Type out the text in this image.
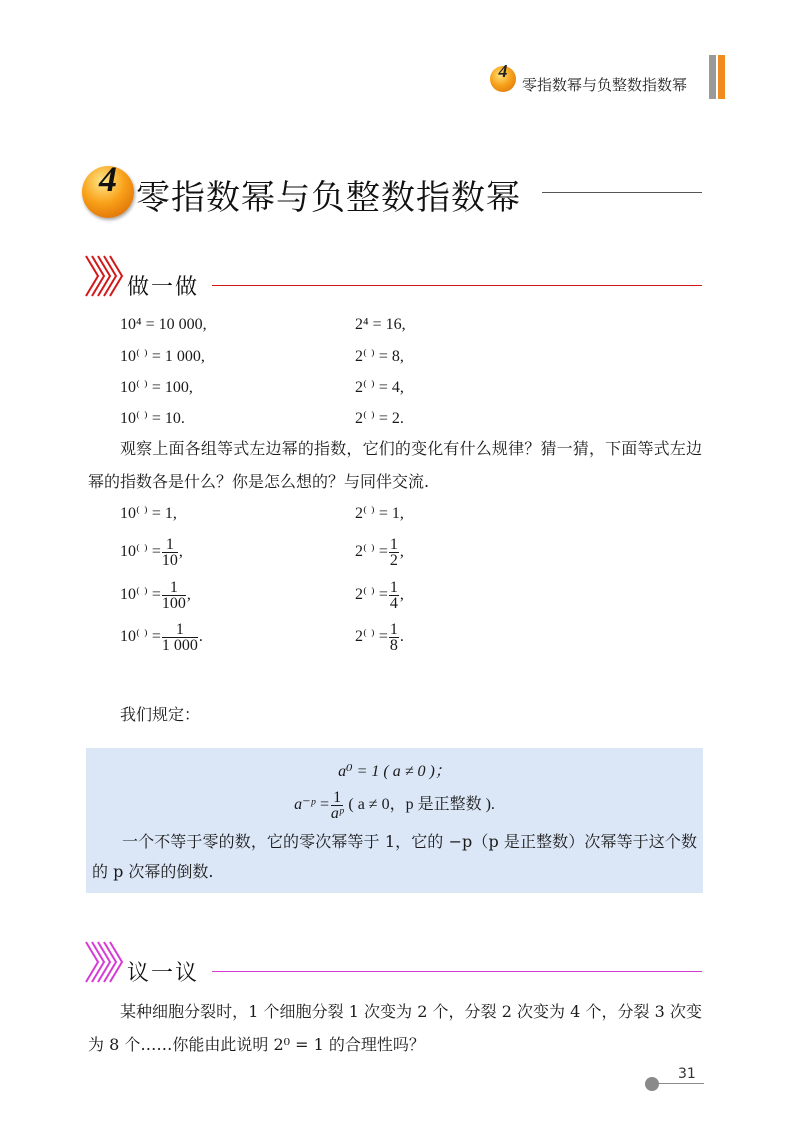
4
零指数幂与负整数指数幂
4 零指数幂与负整数指数幂
做一做
10⁴ = 10 000,	2⁴ = 16,
10⁽ ⁾ = 1 000,	2⁽ ⁾ = 8,
10⁽ ⁾ = 100,	2⁽ ⁾ = 4,
10⁽ ⁾ = 10.	2⁽ ⁾ = 2.
观察上面各组等式左边幂的指数，它们的变化有什么规律？猜一猜，下面等式左边幂的指数各是什么？你是怎么想的？与同伴交流.
10⁽ ⁾ = 1,	2⁽ ⁾ = 1,
10⁽ ⁾ = $\frac{1}{10}$ ,	2⁽ ⁾ = $\frac{1}{2}$ ,
10⁽ ⁾ = $\frac{1}{100}$ ,	2⁽ ⁾ = $\frac{1}{4}$ ,
10⁽ ⁾ = $\frac{1}{1 000}$ .	2⁽ ⁾ = $\frac{1}{8}$ .
我们规定：
a⁰ = 1 ( a ≠ 0 )；
a⁻ᵖ = $\frac{1}{\text{aᵖ}}$ ( a ≠ 0，p 是正整数 ).
一个不等于零的数，它的零次幂等于 1，它的 −p（p 是正整数）次幂等于这个数的 p 次幂的倒数.
议一议
某种细胞分裂时，1 个细胞分裂 1 次变为 2 个，分裂 2 次变为 4 个，分裂 3 次变为 8 个……你能由此说明 2⁰ = 1 的合理性吗？
31
